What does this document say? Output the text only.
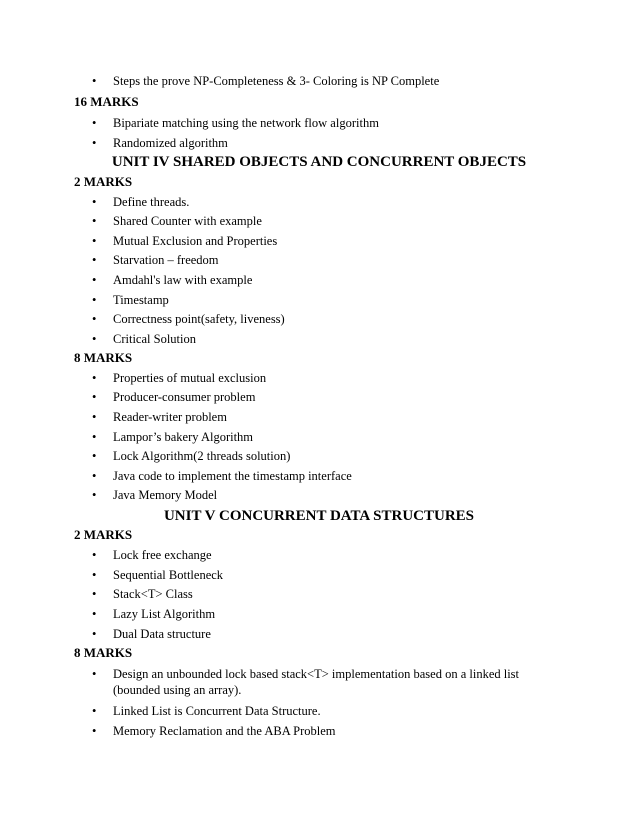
•	Steps the prove NP-Completeness & 3- Coloring is NP Complete
16 MARKS
•	Bipariate matching using the network flow algorithm
•	Randomized algorithm
UNIT IV SHARED OBJECTS AND CONCURRENT OBJECTS
2 MARKS
•	Define threads.
•	Shared Counter with example
•	Mutual Exclusion and Properties
•	Starvation – freedom
•	Amdahl's law with example
•	Timestamp
•	Correctness point(safety, liveness)
•	Critical Solution
8 MARKS
•	Properties of mutual exclusion
•	Producer-consumer problem
•	Reader-writer problem
•	Lampor’s bakery Algorithm
•	Lock Algorithm(2 threads solution)
•	Java code to implement the timestamp interface
•	Java Memory Model
UNIT V CONCURRENT DATA STRUCTURES
2 MARKS
•	Lock free exchange
•	Sequential Bottleneck
•	Stack<T> Class
•	Lazy List Algorithm
•	Dual Data structure
8 MARKS
•	Design an unbounded lock based stack<T> implementation based on a linked list (bounded using an array).
•	Linked List is Concurrent Data Structure.
•	Memory Reclamation and the ABA Problem
